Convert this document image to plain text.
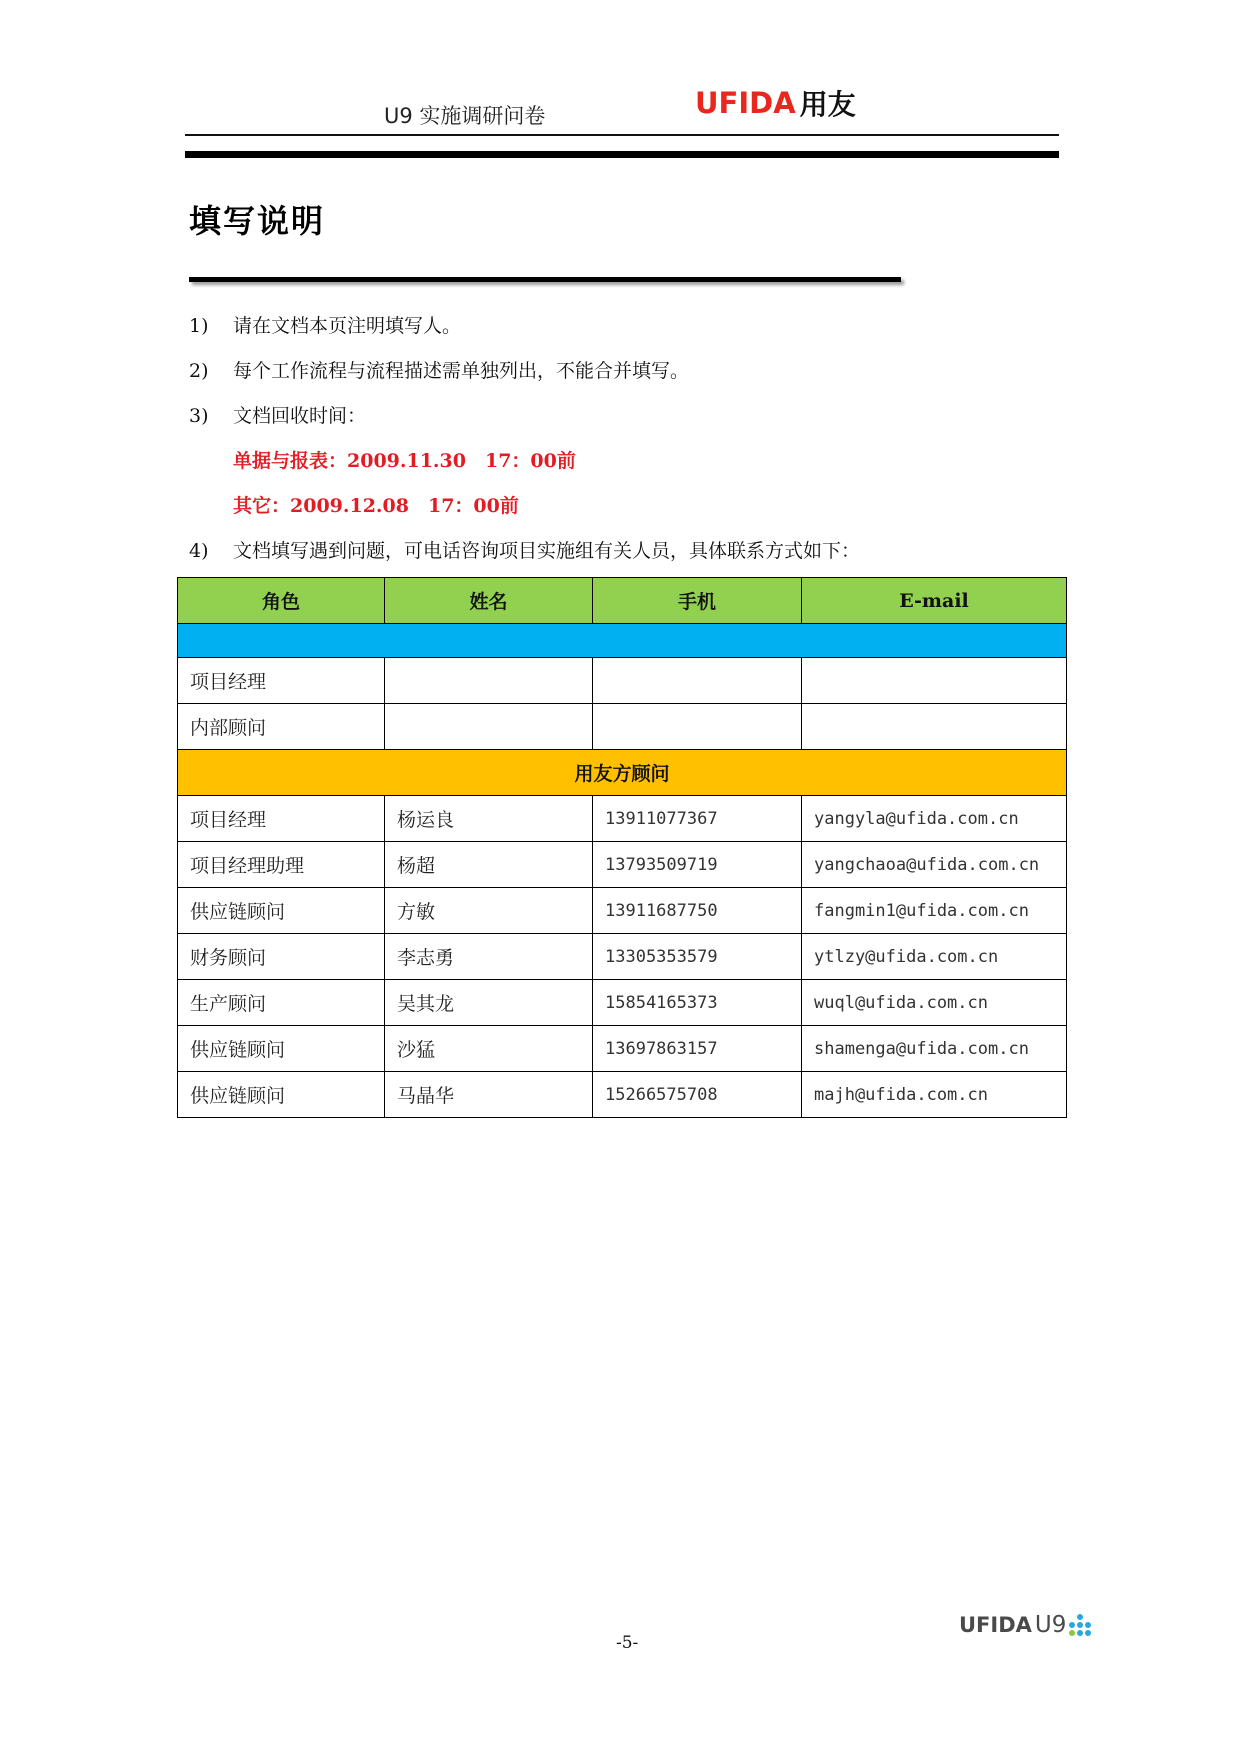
U9 实施调研问卷	UFIDA 用友
填写说明
1) 请在文档本页注明填写人。
2) 每个工作流程与流程描述需单独列出，不能合并填写。
3) 文档回收时间：
单据与报表：2009.11.30　17：00前
其它：2009.12.08　17：00前
4) 文档填写遇到问题，可电话咨询项目实施组有关人员，具体联系方式如下：
角色	姓名	手机	E-mail

项目经理			
内部顾问			
用友方顾问			
项目经理	杨运良	13911077367	yangyla@ufida.com.cn
项目经理助理	杨超	13793509719	yangchaoa@ufida.com.cn
供应链顾问	方敏	13911687750	fangmin1@ufida.com.cn
财务顾问	李志勇	13305353579	ytlzy@ufida.com.cn
生产顾问	吴其龙	15854165373	wuql@ufida.com.cn
供应链顾问	沙猛	13697863157	shamenga@ufida.com.cn
供应链顾问	马晶华	15266575708	majh@ufida.com.cn
-5-
UFIDA U9
